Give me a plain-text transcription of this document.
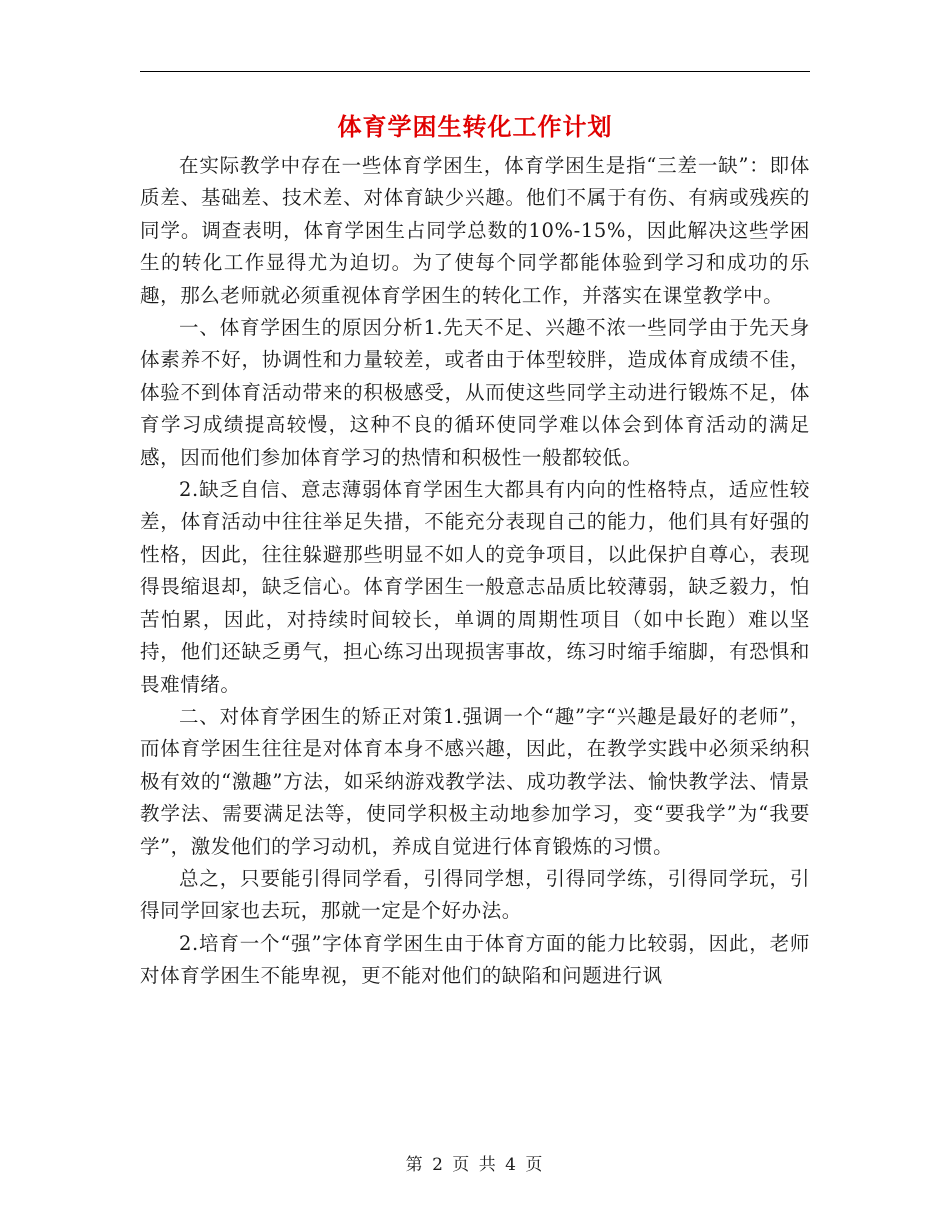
体育学困生转化工作计划

在实际教学中存在一些体育学困生，体育学困生是指“三差一缺”：即体质差、基础差、技术差、对体育缺少兴趣。他们不属于有伤、有病或残疾的同学。调查表明，体育学困生占同学总数的10%-15%，因此解决这些学困生的转化工作显得尤为迫切。为了使每个同学都能体验到学习和成功的乐趣，那么老师就必须重视体育学困生的转化工作，并落实在课堂教学中。

一、体育学困生的原因分析1.先天不足、兴趣不浓一些同学由于先天身体素养不好，协调性和力量较差，或者由于体型较胖，造成体育成绩不佳，体验不到体育活动带来的积极感受，从而使这些同学主动进行锻炼不足，体育学习成绩提高较慢，这种不良的循环使同学难以体会到体育活动的满足感，因而他们参加体育学习的热情和积极性一般都较低。

2.缺乏自信、意志薄弱体育学困生大都具有内向的性格特点，适应性较差，体育活动中往往举足失措，不能充分表现自己的能力，他们具有好强的性格，因此，往往躲避那些明显不如人的竞争项目，以此保护自尊心，表现得畏缩退却，缺乏信心。体育学困生一般意志品质比较薄弱，缺乏毅力，怕苦怕累，因此，对持续时间较长，单调的周期性项目（如中长跑）难以坚持，他们还缺乏勇气，担心练习出现损害事故，练习时缩手缩脚，有恐惧和畏难情绪。

二、对体育学困生的矫正对策1.强调一个“趣”字“兴趣是最好的老师”，而体育学困生往往是对体育本身不感兴趣，因此，在教学实践中必须采纳积极有效的“激趣”方法，如采纳游戏教学法、成功教学法、愉快教学法、情景教学法、需要满足法等，使同学积极主动地参加学习，变“要我学”为“我要学”，激发他们的学习动机，养成自觉进行体育锻炼的习惯。

总之，只要能引得同学看，引得同学想，引得同学练，引得同学玩，引得同学回家也去玩，那就一定是个好办法。

2.培育一个“强”字体育学困生由于体育方面的能力比较弱，因此，老师对体育学困生不能卑视，更不能对他们的缺陷和问题进行讽

第 2 页 共 4 页
